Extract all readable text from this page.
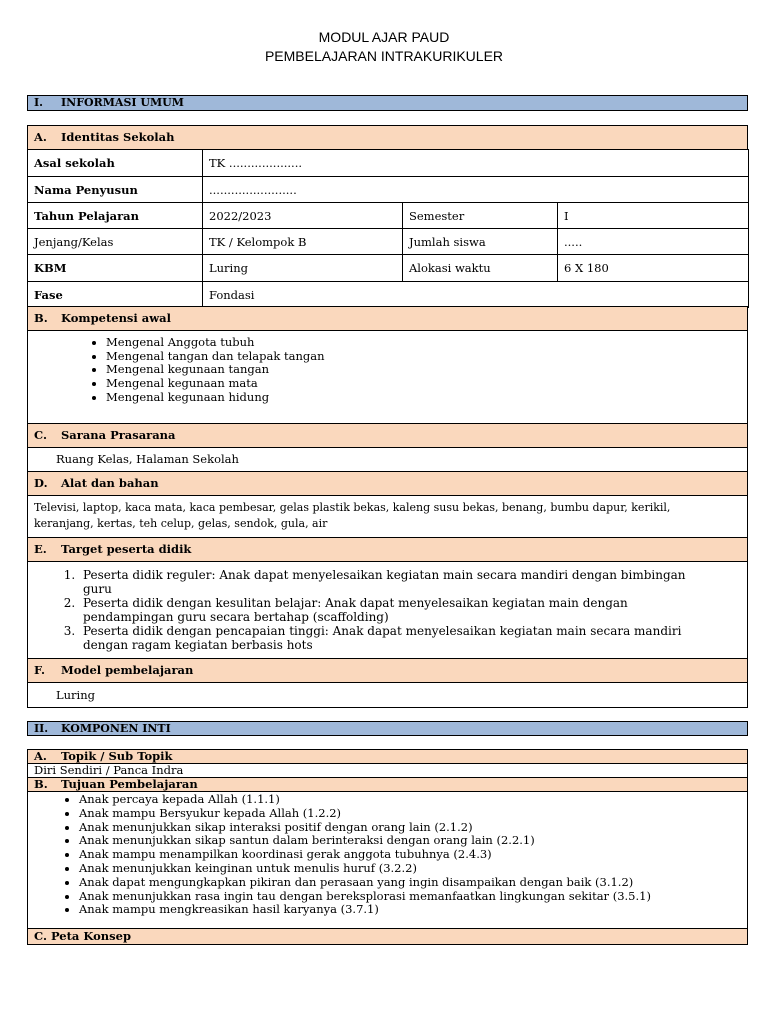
MODUL AJAR PAUD
PEMBELAJARAN INTRAKURIKULER
I. INFORMASI UMUM
A. Identitas Sekolah
Asal sekolah	TK ....................		
Nama Penyusun	........................		
Tahun Pelajaran	2022/2023	Semester	I
Jenjang/Kelas	TK / Kelompok B	Jumlah siswa	.....
KBM	Luring	Alokasi waktu	6 X 180
Fase	Fondasi		
B. Kompetensi awal
• Mengenal Anggota tubuh
• Mengenal tangan dan telapak tangan
• Mengenal kegunaan tangan
• Mengenal kegunaan mata
• Mengenal kegunaan hidung
C. Sarana Prasarana
Ruang Kelas, Halaman Sekolah
D. Alat dan bahan
Televisi, laptop, kaca mata, kaca pembesar, gelas plastik bekas, kaleng susu bekas, benang, bumbu dapur, kerikil,
keranjang, kertas, teh celup, gelas, sendok, gula, air
E. Target peserta didik
1. Peserta didik reguler: Anak dapat menyelesaikan kegiatan main secara mandiri dengan bimbingan guru
2. Peserta didik dengan kesulitan belajar: Anak dapat menyelesaikan kegiatan main dengan pendampingan guru secara bertahap (scaffolding)
3. Peserta didik dengan pencapaian tinggi: Anak dapat menyelesaikan kegiatan main secara mandiri dengan ragam kegiatan berbasis hots
F. Model pembelajaran
Luring
II. KOMPONEN INTI
A. Topik / Sub Topik
Diri Sendiri / Panca Indra
B. Tujuan Pembelajaran
• Anak percaya kepada Allah (1.1.1)
• Anak mampu Bersyukur kepada Allah (1.2.2)
• Anak menunjukkan sikap interaksi positif dengan orang lain (2.1.2)
• Anak menunjukkan sikap santun dalam berinteraksi dengan orang lain (2.2.1)
• Anak mampu menampilkan koordinasi gerak anggota tubuhnya (2.4.3)
• Anak menunjukkan keinginan untuk menulis huruf (3.2.2)
• Anak dapat mengungkapkan pikiran dan perasaan yang ingin disampaikan dengan baik (3.1.2)
• Anak menunjukkan rasa ingin tau dengan bereksplorasi memanfaatkan lingkungan sekitar (3.5.1)
• Anak mampu mengkreasikan hasil karyanya (3.7.1)
C. Peta Konsep
